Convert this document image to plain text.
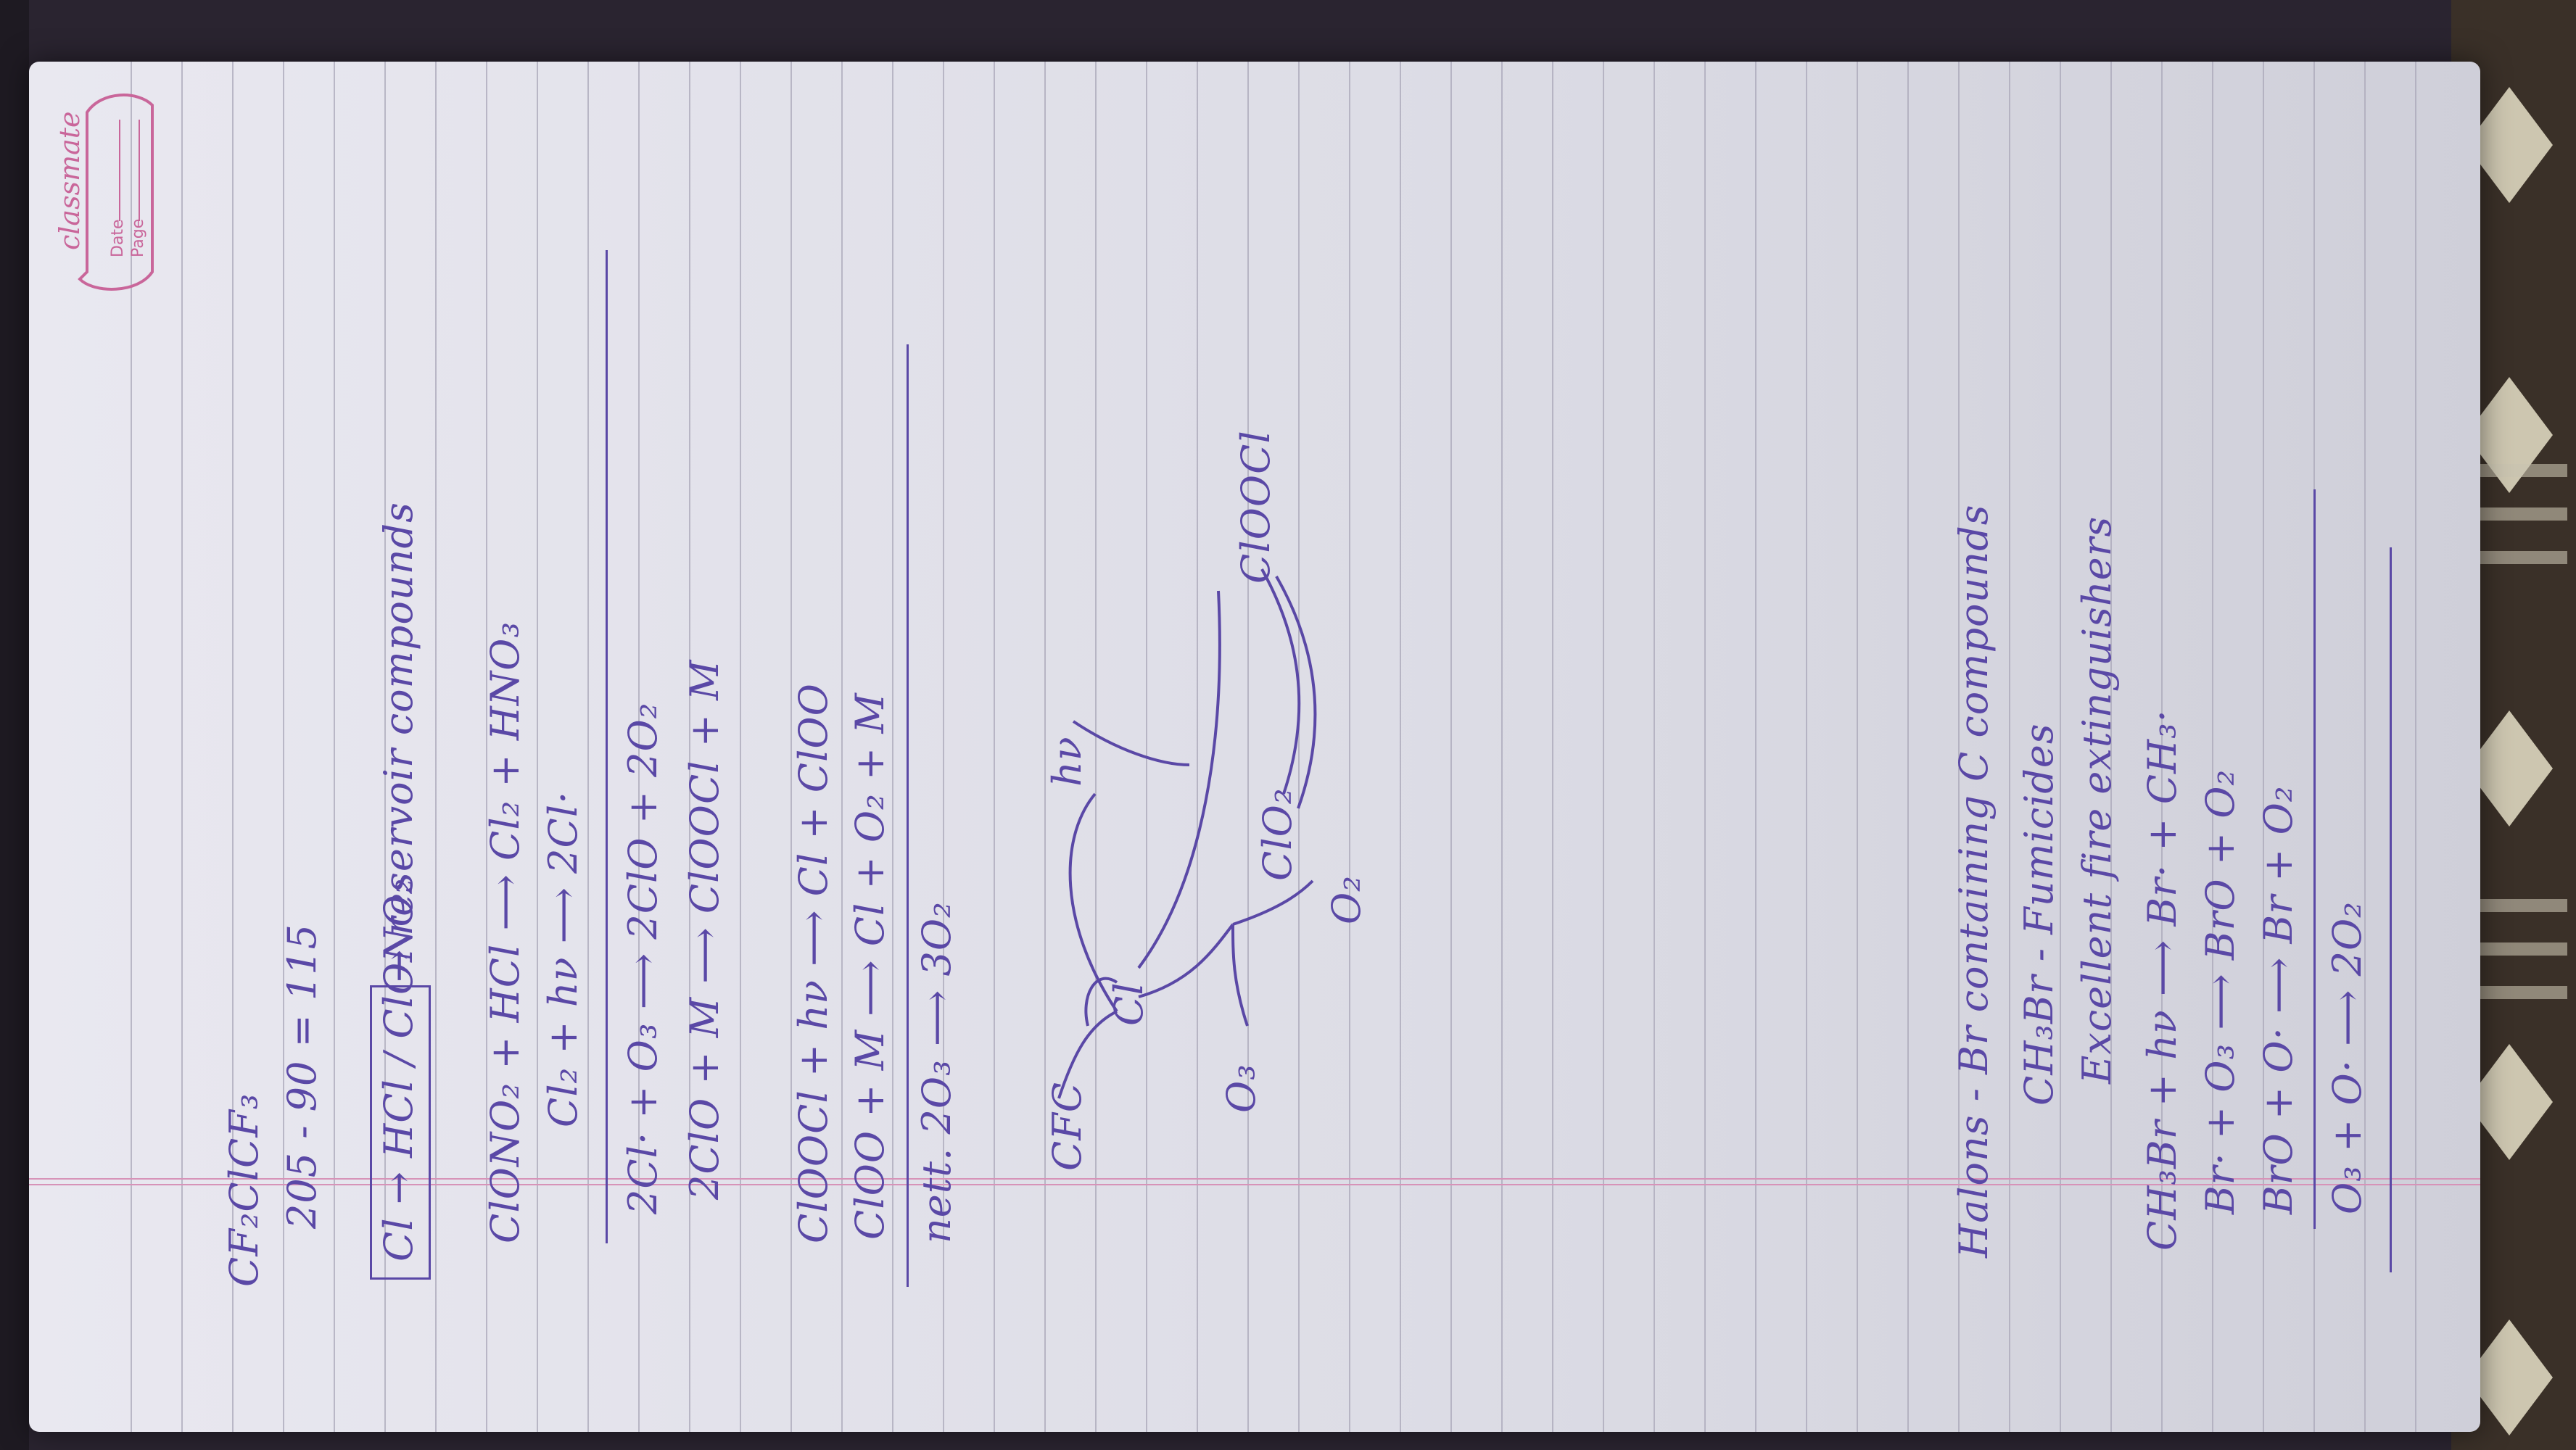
classmate Date Page
CF₂ClCF₃ 205 - 90 = 115 Cl → HCl / ClONO₂
→ reservoir compounds ClONO₂ + HCl ⟶ Cl₂ + HNO₃ Cl₂ + hν ⟶ 2Cl· 2Cl· + O₃ ⟶ 2ClO + 2O₂ 2ClO + M ⟶ ClOOCl + M ClOOCl + hν ⟶ Cl + ClOO ClOO + M ⟶ Cl + O₂ + M nett. 2O₃ ⟶ 3O₂ CFC
hν
Cl
O₃
O₂
ClO₂
ClOOCl	Halons - Br containing C compounds CH₃Br - Fumicides Excellent fire extinguishers CH₃Br + hν ⟶ Br· + CH₃· Br· + O₃ ⟶ BrO + O₂ BrO + O· ⟶ Br + O₂ O₃ + O· ⟶ 2O₂
